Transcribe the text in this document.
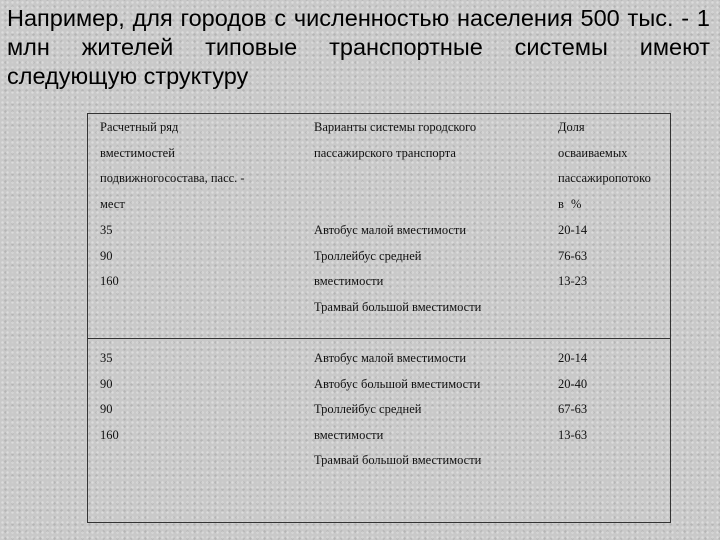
Например, для городов с численностью населения 500 тыс. - 1 млн жителей типовые транспортные системы имеют следующую структуру
Расчетный ряд
вместимостей
подвижногосостава, пасс. -
мест
Варианты системы городского
пассажирского транспорта
Доля
осваиваемых
пассажиропотоко
в %
35
90
160
Автобус малой вместимости
Троллейбус средней
вместимости
Трамвай большой вместимости
20-14
76-63
13-23
35
90
90
160
Автобус малой вместимости
Автобус большой вместимости
Троллейбус средней
вместимости
Трамвай большой вместимости
20-14
20-40
67-63
13-63
